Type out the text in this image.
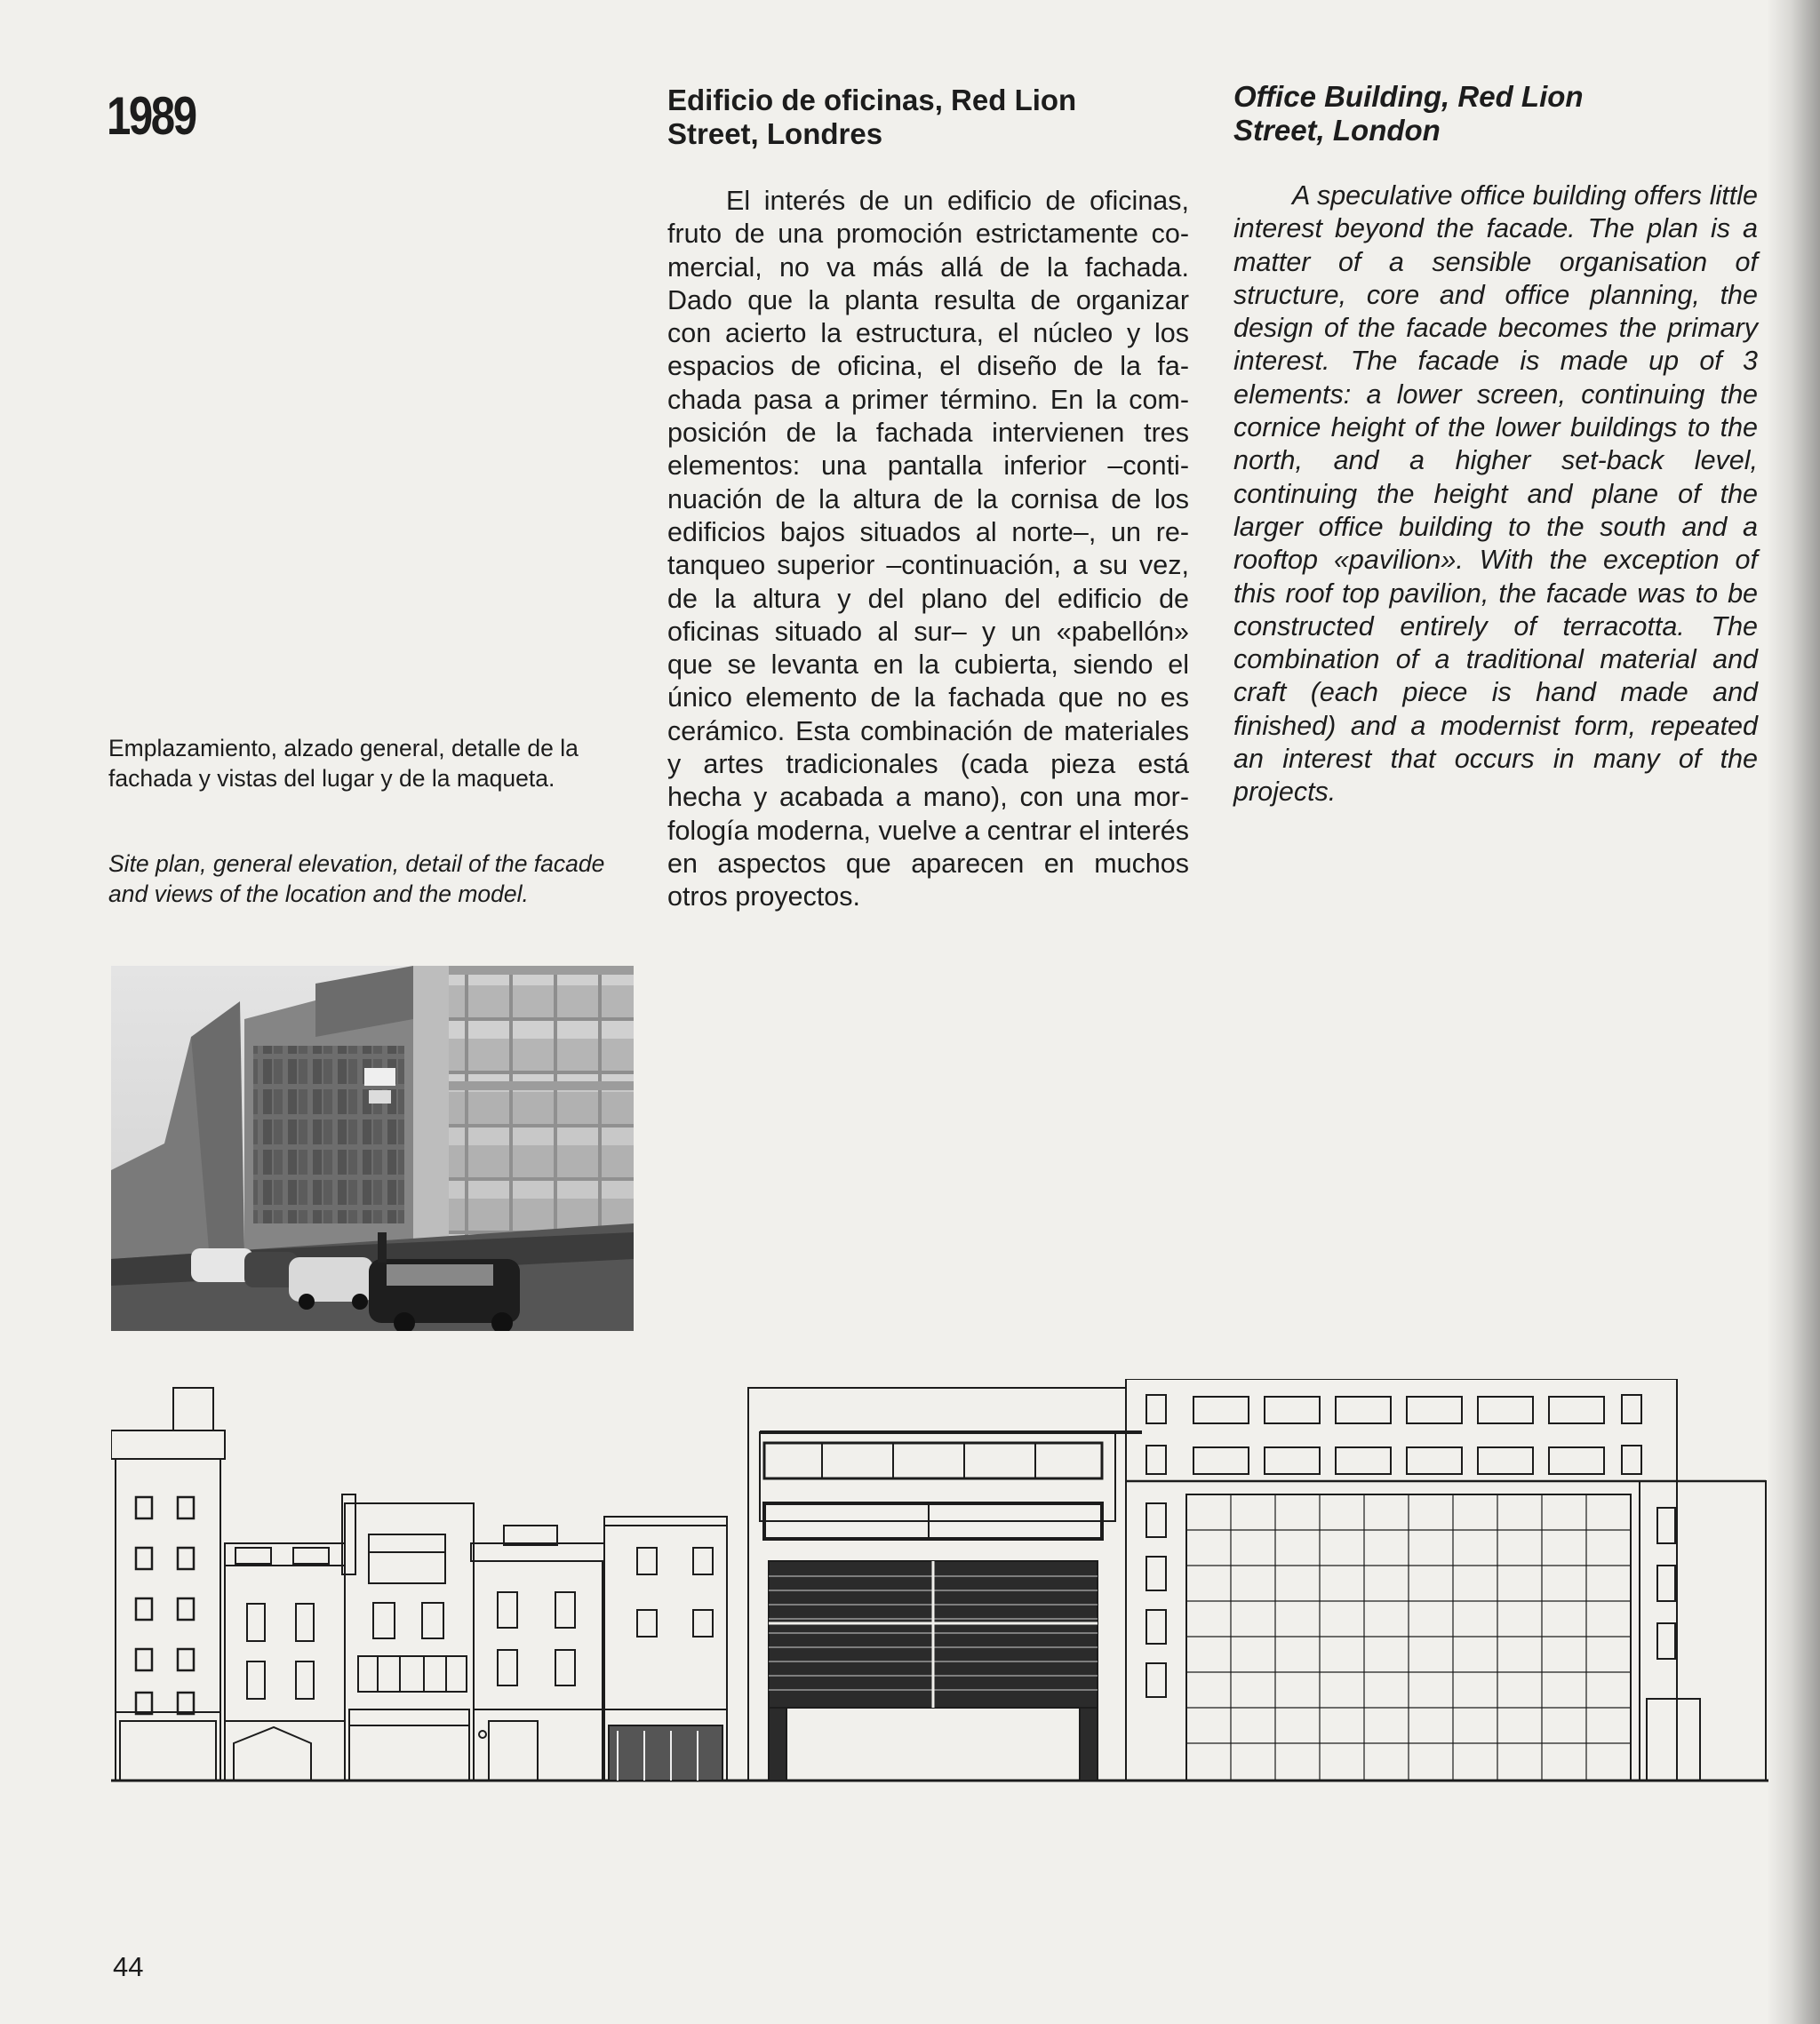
1989	Edificio de oficinas, Red Lion
Street, Londres
Office Building, Red Lion
Street, London

El interés de un edificio de oficinas, fruto de una promoción estrictamente comercial, no va más allá de la fachada. Dado que la planta resulta de organizar con acierto la estructura, el núcleo y los espacios de oficina, el diseño de la fachada pasa a primer término. En la composición de la fachada intervienen tres elementos: una pantalla inferior –continuación de la altura de la cornisa de los edificios bajos situados al norte–, un retanqueo superior –continuación, a su vez, de la altura y del plano del edificio de oficinas situado al sur– y un «pabellón» que se levanta en la cubierta, siendo el único elemento de la fachada que no es cerámico. Esta combinación de materiales y artes tradicionales (cada pieza está hecha y acabada a mano), con una morfología moderna, vuelve a centrar el interés en aspectos que aparecen en muchos otros proyectos.

A speculative office building offers little interest beyond the facade. The plan is a matter of a sensible organisation of structure, core and office planning, the design of the facade becomes the primary interest. The facade is made up of 3 elements: a lower screen, continuing the cornice height of the lower buildings to the north, and a higher set-back level, continuing the height and plane of the larger office building to the south and a rooftop «pavilion». With the exception of this roof top pavilion, the facade was to be constructed entirely of terracotta. The combination of a traditional material and craft (each piece is hand made and finished) and a modernist form, repeated an interest that occurs in many of the projects.

Emplazamiento, alzado general, detalle de la fachada y vistas del lugar y de la maqueta.
Site plan, general elevation, detail of the facade and views of the location and the model.
44
